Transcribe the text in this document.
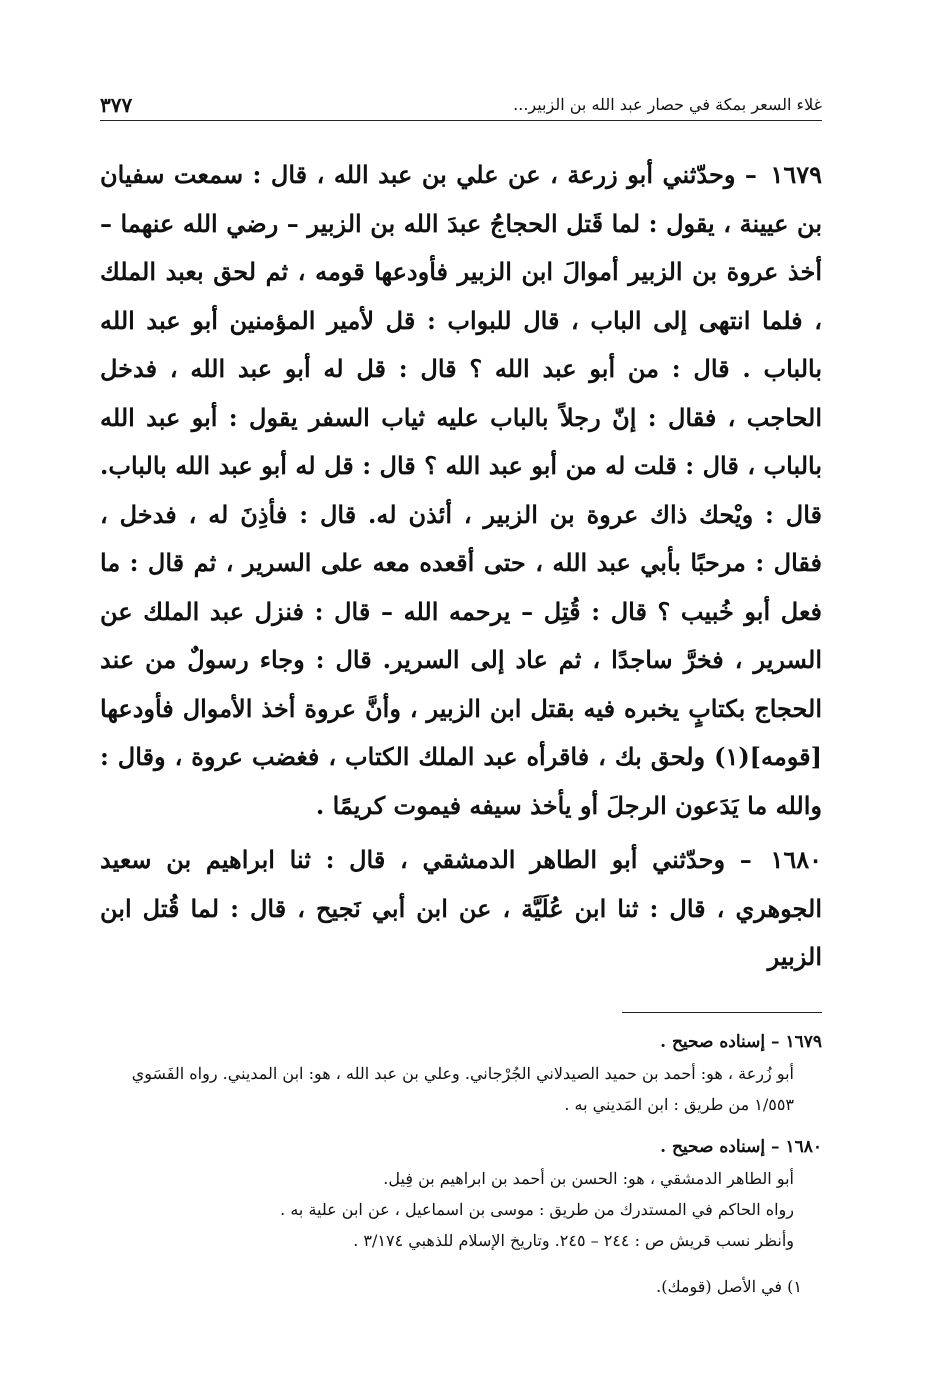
غلاء السعر بمكة في حصار عبد الله بن الزبير...
٣٧٧

١٦٧٩ – وحدّثني أبو زرعة ، عن علي بن عبد الله ، قال : سمعت سفيان بن عيينة ، يقول : لما قَتل الحجاجُ عبدَ الله بن الزبير – رضي الله عنهما – أخذ عروة بن الزبير أموالَ ابن الزبير فأودعها قومه ، ثم لحق بعبد الملك ، فلما انتهى إلى الباب ، قال للبواب : قل لأمير المؤمنين أبو عبد الله بالباب . قال : من أبو عبد الله ؟ قال : قل له أبو عبد الله ، فدخل الحاجب ، فقال : إنّ رجلاً بالباب عليه ثياب السفر يقول : أبو عبد الله بالباب ، قال : قلت له من أبو عبد الله ؟ قال : قل له أبو عبد الله بالباب. قال : ويْحك ذاك عروة بن الزبير ، أئذن له. قال : فأذِنَ له ، فدخل ، فقال : مرحبًا بأبي عبد الله ، حتى أقعده معه على السرير ، ثم قال : ما فعل أبو خُبيب ؟ قال : قُتِل – يرحمه الله – قال : فنزل عبد الملك عن السرير ، فخرَّ ساجدًا ، ثم عاد إلى السرير. قال : وجاء رسولٌ من عند الحجاج بكتابٍ يخبره فيه بقتل ابن الزبير ، وأنَّ عروة أخذ الأموال فأودعها [قومه](١) ولحق بك ، فاقرأه عبد الملك الكتاب ، فغضب عروة ، وقال : والله ما يَدَعون الرجلَ أو يأخذ سيفه فيموت كريمًا .

١٦٨٠ – وحدّثني أبو الطاهر الدمشقي ، قال : ثنا ابراهيم بن سعيد الجوهري ، قال : ثنا ابن عُلَيَّة ، عن ابن أبي نَجيح ، قال : لما قُتل ابن الزبير

١٦٧٩ – إسناده صحيح .
أبو زُرعة ، هو: أحمد بن حميد الصيدلاني الجُرْجاني. وعلي بن عبد الله ، هو: ابن المديني. رواه الفَسَوي ١/٥٥٣ من طريق : ابن المَديني به .
١٦٨٠ – إسناده صحيح .
أبو الطاهر الدمشقي ، هو: الحسن بن أحمد بن ابراهيم بن فِيل.
رواه الحاكم في المستدرك من طريق : موسى بن اسماعيل ، عن ابن علية به .
وأنظر نسب قريش ص : ٢٤٤ – ٢٤٥. وتاريخ الإسلام للذهبي ٣/١٧٤ .
١) في الأصل (قومك).
